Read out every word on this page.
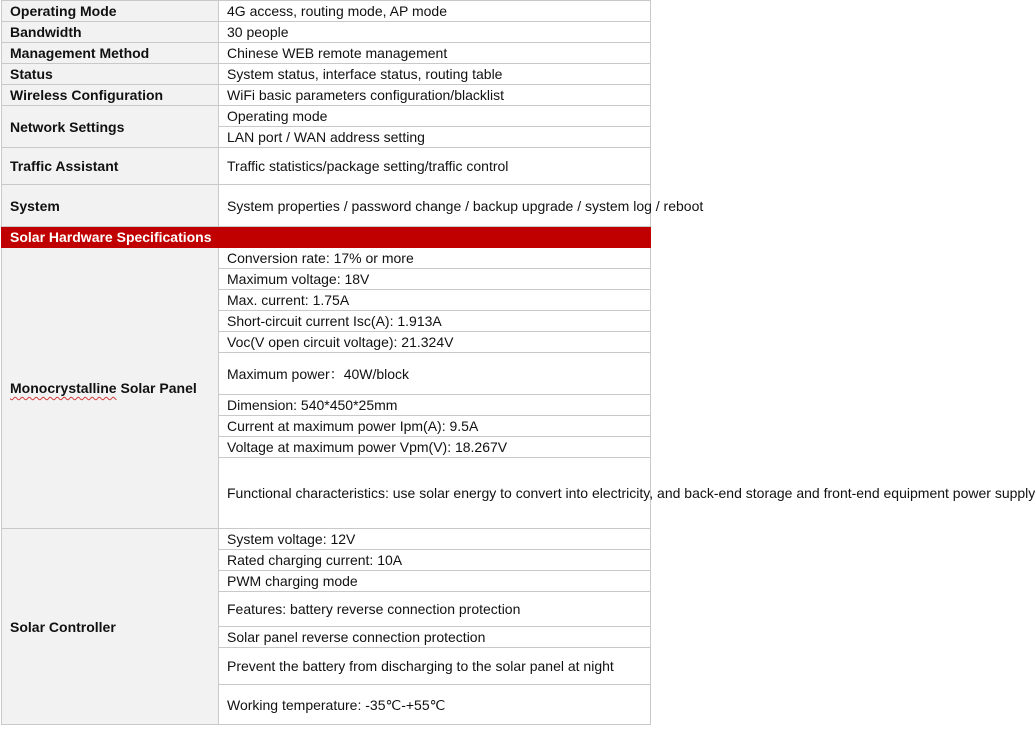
Operating Mode	4G access, routing mode, AP mode
Bandwidth	30 people
Management Method	Chinese WEB remote management
Status	System status, interface status, routing table
Wireless Configuration	WiFi basic parameters configuration/blacklist
Network Settings	Operating mode
	LAN port / WAN address setting
Traffic Assistant	Traffic statistics/package setting/traffic control
System	System properties / password change / backup upgrade / system log / reboot
Solar Hardware Specifications	
Monocrystalline Solar Panel	Conversion rate: 17% or more
	Maximum voltage: 18V
	Max. current: 1.75A
	Short-circuit current Isc(A): 1.913A
	Voc(V open circuit voltage): 21.324V
	Maximum power：40W/block
	Dimension: 540*450*25mm
	Current at maximum power Ipm(A): 9.5A
	Voltage at maximum power Vpm(V): 18.267V
	Functional characteristics: use solar energy to convert into electricity, and back-end storage and front-end equipment power supply
Solar Controller	System voltage: 12V
	Rated charging current: 10A
	PWM charging mode
	Features: battery reverse connection protection
	Solar panel reverse connection protection
	Prevent the battery from discharging to the solar panel at night
	Working temperature: -35℃-+55℃
